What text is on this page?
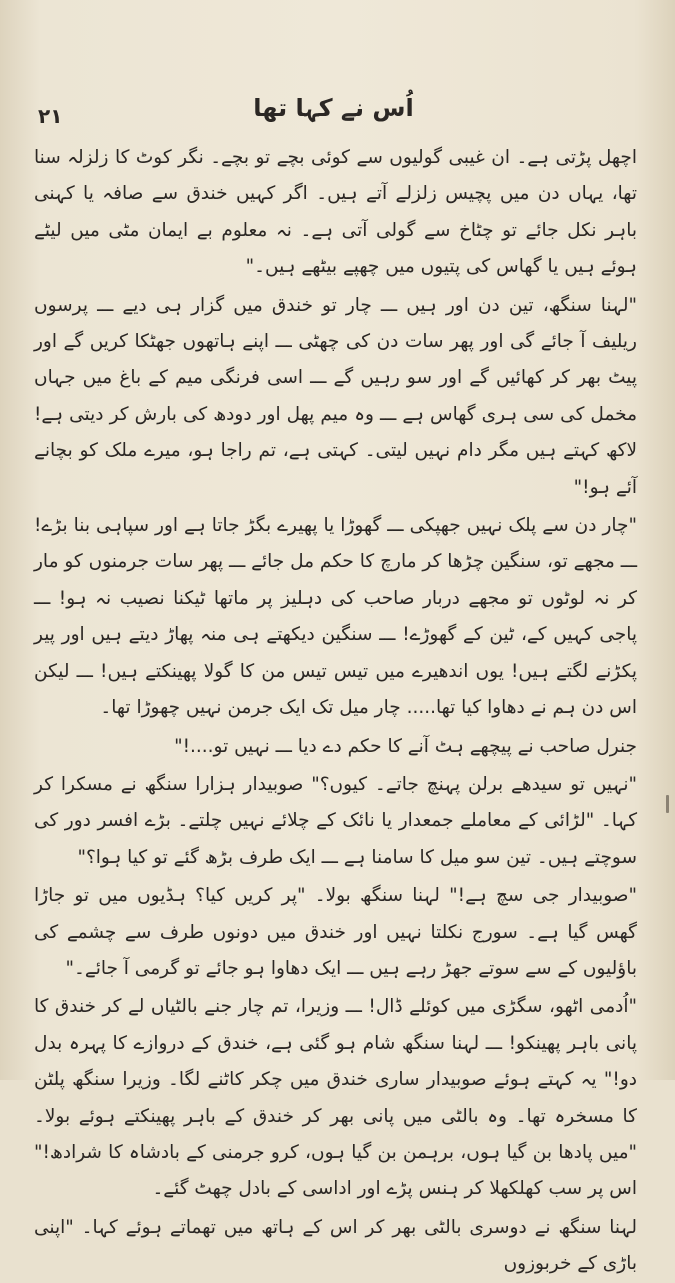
۲۱	اُس نے کہا تھا

اچھل پڑتی ہے۔ ان غیبی گولیوں سے کوئی بچے تو بچے۔ نگر کوٹ کا زلزلہ سنا تھا، یہاں دن میں پچیس زلزلے آتے ہیں۔ اگر کہیں خندق سے صافہ یا کہنی باہر نکل جائے تو چٹاخ سے گولی آتی ہے۔ نہ معلوم بے ایمان مٹی میں لیٹے ہوئے ہیں یا گھاس کی پتیوں میں چھپے بیٹھے ہیں۔"

"لہنا سنگھ، تین دن اور ہیں ـــ چار تو خندق میں گزار ہی دیے ـــ پرسوں ریلیف آ جائے گی اور پھر سات دن کی چھٹی ـــ اپنے ہاتھوں جھٹکا کریں گے اور پیٹ بھر کر کھائیں گے اور سو رہیں گے ـــ اسی فرنگی میم کے باغ میں جہاں مخمل کی سی ہری گھاس ہے ـــ وہ میم پھل اور دودھ کی بارش کر دیتی ہے! لاکھ کہتے ہیں مگر دام نہیں لیتی۔ کہتی ہے، تم راجا ہو، میرے ملک کو بچانے آئے ہو!"

"چار دن سے پلک نہیں جھپکی ـــ گھوڑا یا پھیرے بگڑ جاتا ہے اور سپاہی بنا بڑے! ـــ مجھے تو، سنگین چڑھا کر مارچ کا حکم مل جائے ـــ پھر سات جرمنوں کو مار کر نہ لوٹوں تو مجھے دربار صاحب کی دہلیز پر ماتھا ٹیکنا نصیب نہ ہو! ـــ پاجی کہیں کے، ٹین کے گھوڑے! ـــ سنگین دیکھتے ہی منہ پھاڑ دیتے ہیں اور پیر پکڑنے لگتے ہیں! یوں اندھیرے میں تیس تیس من کا گولا پھینکتے ہیں! ـــ لیکن اس دن ہم نے دھاوا کیا تھا..... چار میل تک ایک جرمن نہیں چھوڑا تھا۔

جنرل صاحب نے پیچھے ہٹ آنے کا حکم دے دیا ـــ نہیں تو....!"

"نہیں تو سیدھے برلن پہنچ جاتے۔ کیوں؟" صوبیدار ہزارا سنگھ نے مسکرا کر کہا۔ "لڑائی کے معاملے جمعدار یا نائک کے چلائے نہیں چلتے۔ بڑے افسر دور کی سوچتے ہیں۔ تین سو میل کا سامنا ہے ـــ ایک طرف بڑھ گئے تو کیا ہوا؟"

"صوبیدار جی سچ ہے!" لہنا سنگھ بولا۔ "پر کریں کیا؟ ہڈیوں میں تو جاڑا گھس گیا ہے۔ سورج نکلتا نہیں اور خندق میں دونوں طرف سے چشمے کی باؤلیوں کے سے سوتے جھڑ رہے ہیں ـــ ایک دھاوا ہو جائے تو گرمی آ جائے۔"

"اُدمی اٹھو، سگڑی میں کوئلے ڈال! ـــ وزیرا، تم چار جنے بالٹیاں لے کر خندق کا پانی باہر پھینکو! ـــ لہنا سنگھ شام ہو گئی ہے، خندق کے دروازے کا پہرہ بدل دو!" یہ کہتے ہوئے صوبیدار ساری خندق میں چکر کاٹنے لگا۔ وزیرا سنگھ پلٹن کا مسخرہ تھا۔ وہ بالٹی میں پانی بھر کر خندق کے باہر پھینکتے ہوئے بولا۔ "میں پادھا بن گیا ہوں، برہمن بن گیا ہوں، کرو جرمنی کے بادشاہ کا شرادھ!" اس پر سب کھلکھلا کر ہنس پڑے اور اداسی کے بادل چھٹ گئے۔

لہنا سنگھ نے دوسری بالٹی بھر کر اس کے ہاتھ میں تھماتے ہوئے کہا۔ "اپنی باڑی کے خربوزوں
